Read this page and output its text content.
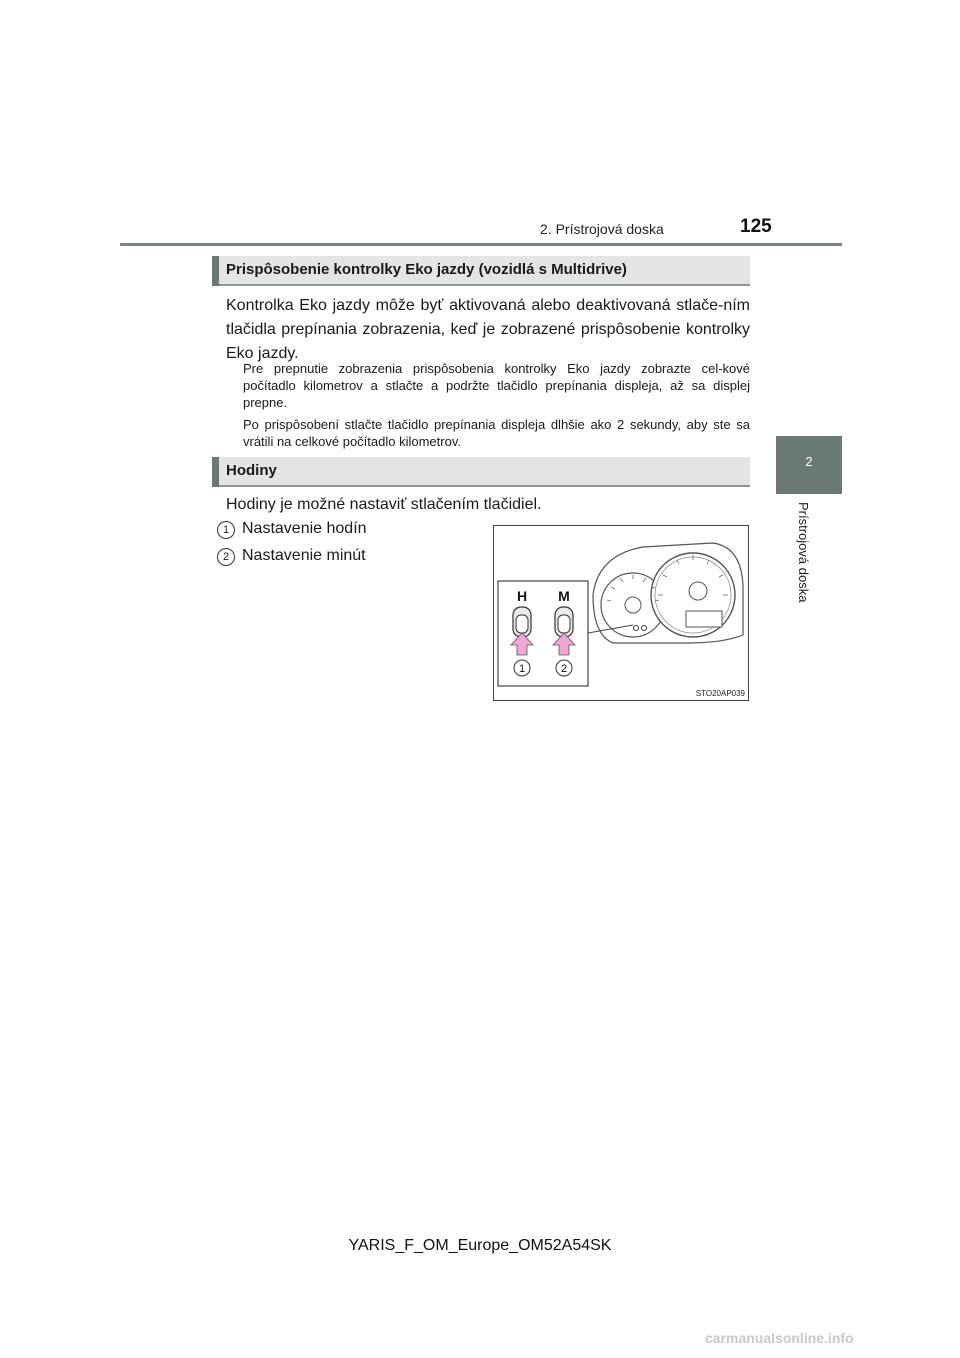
2. Prístrojová doska	125
2
Prístrojová doska
Prispôsobenie kontrolky Eko jazdy (vozidlá s Multidrive)
Kontrolka Eko jazdy môže byť aktivovaná alebo deaktivovaná stlače-ním tlačidla prepínania zobrazenia, keď je zobrazené prispôsobenie kontrolky Eko jazdy.
Pre prepnutie zobrazenia prispôsobenia kontrolky Eko jazdy zobrazte cel-kové počítadlo kilometrov a stlačte a podržte tlačidlo prepínania displeja, až sa displej prepne.
Po prispôsobení stlačte tlačidlo prepínania displeja dlhšie ako 2 sekundy, aby ste sa vrátili na celkové počítadlo kilometrov.
Hodiny
Hodiny je možné nastaviť stlačením tlačidiel.
1 Nastavenie hodín
2 Nastavenie minút
H M
1	2
STO20AP039
YARIS_F_OM_Europe_OM52A54SK
carmanualsonline.info
